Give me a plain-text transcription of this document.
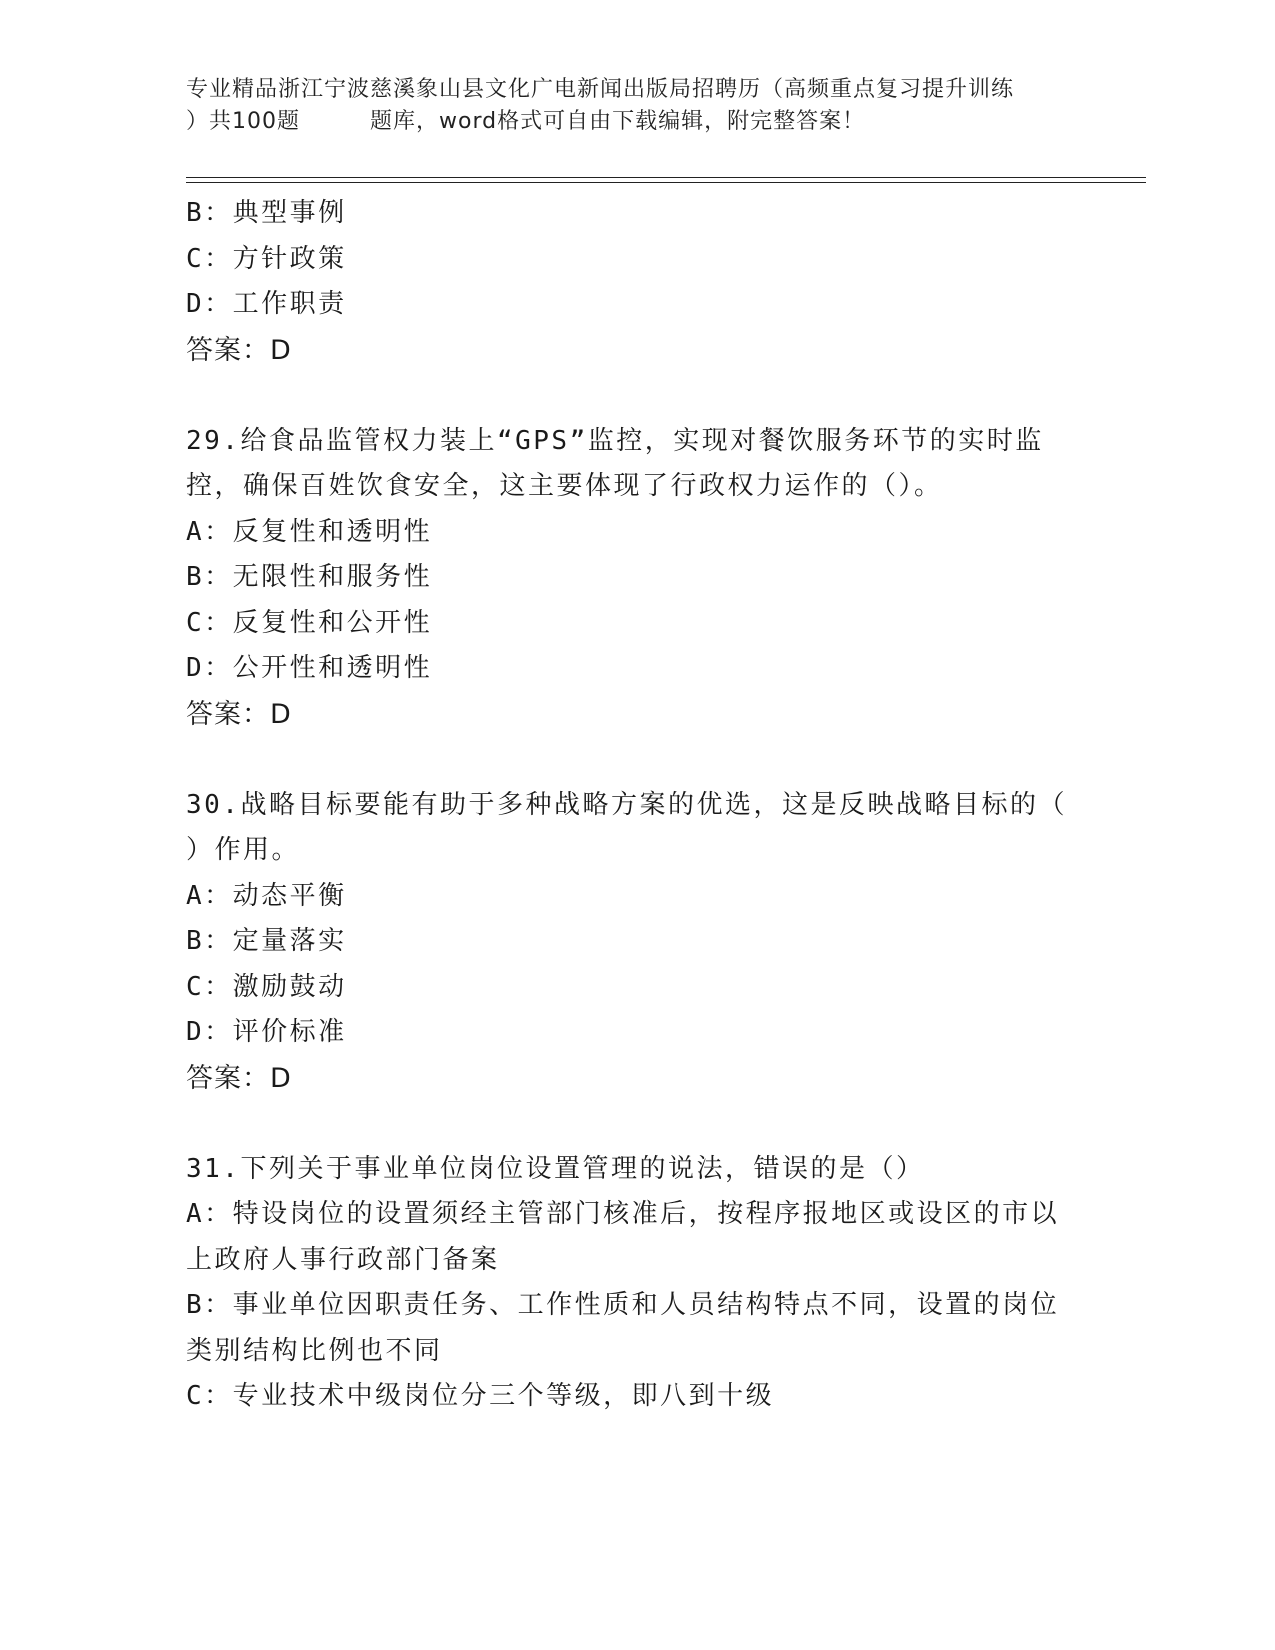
专业精品浙江宁波慈溪象山县文化广电新闻出版局招聘历（高频重点复习提升训练
）共100题	题库，word格式可自由下载编辑，附完整答案！
B：典型事例
C：方针政策
D：工作职责
答案：D
29.给食品监管权力装上“GPS”监控，实现对餐饮服务环节的实时监
控，确保百姓饮食安全，这主要体现了行政权力运作的（）。
A：反复性和透明性
B：无限性和服务性
C：反复性和公开性
D：公开性和透明性
答案：D
30.战略目标要能有助于多种战略方案的优选，这是反映战略目标的（
）作用。
A：动态平衡
B：定量落实
C：激励鼓动
D：评价标准
答案：D
31.下列关于事业单位岗位设置管理的说法，错误的是（）
A：特设岗位的设置须经主管部门核准后，按程序报地区或设区的市以
上政府人事行政部门备案
B：事业单位因职责任务、工作性质和人员结构特点不同，设置的岗位
类别结构比例也不同
C：专业技术中级岗位分三个等级，即八到十级
